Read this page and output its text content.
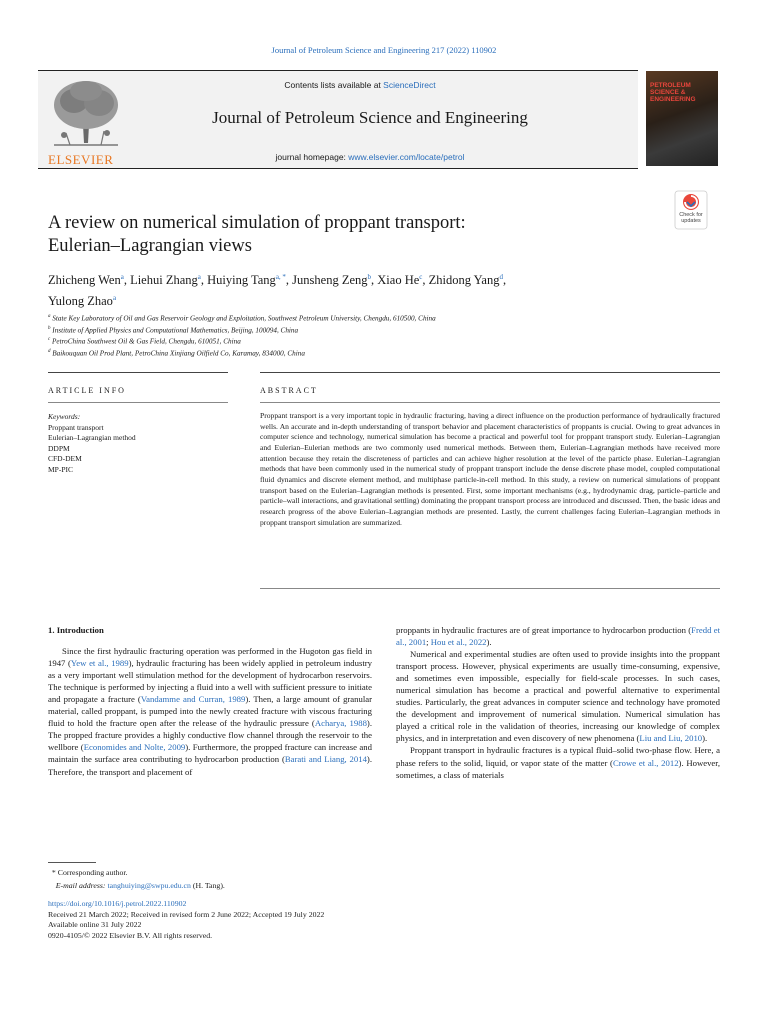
Journal of Petroleum Science and Engineering 217 (2022) 110902
ELSEVIER
Contents lists available at ScienceDirect
Journal of Petroleum Science and Engineering
journal homepage: www.elsevier.com/locate/petrol
PETROLEUM SCIENCE & ENGINEERING
Check for updates
A review on numerical simulation of proppant transport:
Eulerian–Lagrangian views
Zhicheng Wen$^a$, Liehui Zhang$^a$, Huiying Tang$^{a, *}$, Junsheng Zeng$^b$, Xiao He$^c$, Zhidong Yang$^d$,
Yulong Zhao$^a$
$^a$ State Key Laboratory of Oil and Gas Reservoir Geology and Exploitation, Southwest Petroleum University, Chengdu, 610500, China
$^b$ Institute of Applied Physics and Computational Mathematics, Beijing, 100094, China
$^c$ PetroChina Southwest Oil & Gas Field, Chengdu, 610051, China
$^d$ Baikouquan Oil Prod Plant, PetroChina Xinjiang Oilfield Co, Karamay, 834000, China
ARTICLE INFO	ABSTRACT
Keywords:
Proppant transport
Eulerian–Lagrangian method
DDPM
CFD-DEM
MP-PIC
Proppant transport is a very important topic in hydraulic fracturing, having a direct influence on the production performance of hydraulically fractured wells. An accurate and in-depth understanding of transport behavior and placement characteristics of proppants is crucial. Owing to great advances in computer science and technology, numerical simulation has become a practical and powerful tool for proppant transport study. Eulerian–Lagrangian and Eulerian–Eulerian methods are two commonly used numerical methods. Between them, Eulerian–Lagrangian methods have received more attention because they retain the discreteness of particles and can achieve higher resolution at the level of the particle phase. Eulerian–Lagrangian methods that have been commonly used in the numerical study of proppant transport include the dense discrete phase model, coupled computational fluid dynamics and discrete element method, and multiphase particle-in-cell method. In this study, a review on numerical simulations of proppant transport based on the Eulerian–Lagrangian methods is presented. First, some important mechanisms (e.g., hydrodynamic drag, particle–particle and particle–wall interactions, and gravitational settling) dominating the proppant transport process are introduced and discussed. Then, the basic ideas and research progress of the above Eulerian–Lagrangian methods are presented. Lastly, the current challenges facing Eulerian–Lagrangian methods in proppant transport simulation are summarized.
1. Introduction

Since the first hydraulic fracturing operation was performed in the Hugoton gas field in 1947 (Yew et al., 1989), hydraulic fracturing has been widely applied in petroleum industry as a very important well stimulation method for the development of hydrocarbon reservoirs. The technique is performed by injecting a fluid into a well with sufficient pressure to initiate and propagate a fracture (Vandamme and Curran, 1989). Then, a large amount of granular material, called proppant, is pumped into the newly created fracture with viscous fracturing fluid to hold the fracture open after the release of the hydraulic pressure (Acharya, 1988). The propped fracture provides a highly conductive flow channel through the reservoir to the wellbore (Economides and Nolte, 2009). Furthermore, the propped fracture can increase and maintain the surface area contributing to hydrocarbon production (Barati and Liang, 2014). Therefore, the transport and placement of

proppants in hydraulic fractures are of great importance to hydrocarbon production (Fredd et al., 2001; Hou et al., 2022).

Numerical and experimental studies are often used to provide insights into the proppant transport process. However, physical experiments are usually time-consuming, expensive, and sometimes even impossible, especially for field-scale processes. In such cases, numerical simulation has become a practical and powerful alternative to experimental studies. Particularly, the great advances in computer science and technology have promoted the development and improvement of numerical simulation. Numerical simulation has played a critical role in the validation of theories, increasing our knowledge of complex physics, and in interpretation and even discovery of new phenomena (Liu and Liu, 2010).

Proppant transport in hydraulic fractures is a typical fluid–solid two-phase flow. Here, a phase refers to the solid, liquid, or vapor state of the matter (Crowe et al., 2012). However, sometimes, a class of materials

* Corresponding author.
E-mail address: tanghuiying@swpu.edu.cn (H. Tang).
https://doi.org/10.1016/j.petrol.2022.110902
Received 21 March 2022; Received in revised form 2 June 2022; Accepted 19 July 2022
Available online 31 July 2022
0920-4105/© 2022 Elsevier B.V. All rights reserved.
